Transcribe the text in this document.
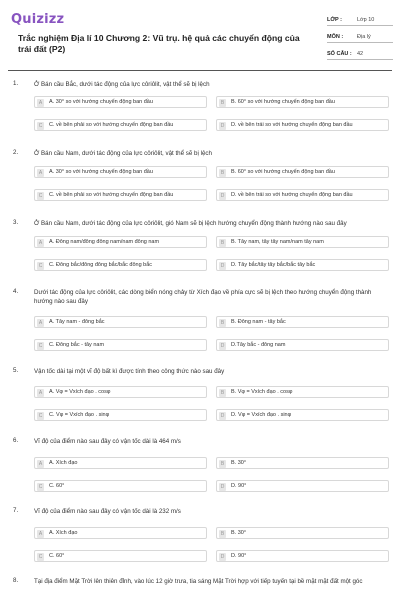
Quizizz
Trắc nghiệm Địa lí 10 Chương 2: Vũ trụ. hệ quả các chuyển động của trái đất (P2)
LỚP :	Lớp 10
MÔN :	Địa lý
SỐ CÂU : 42
1.	Ở Bán cầu Bắc, dưới tác động của lực côriôlit, vật thể sẽ bị lệch
A	A. 30° so với hướng chuyển động ban đầu	B	B. 60° so với hướng chuyển động ban đầu
C	C. về bên phải so với hướng chuyển động ban đầu	D	D. về bên trái so với hướng chuyển động ban đầu
2.	Ở Bán cầu Nam, dưới tác động của lực côriôlit, vật thể sẽ bị lệch
A	A. 30° so với hướng chuyển động ban đầu	B	B. 60° so với hướng chuyển động ban đầu
C	C. về bên phải so với hướng chuyển động ban đầu	D	D. về bên trái so với hướng chuyển động ban đầu
3.	Ở Bán cầu Nam, dưới tác động của lực côriôlit, gió Nam sẽ bị lệch hướng chuyển động thành hướng nào sau đây
A	A. Đông nam/đông đông nam/nam đông nam	B	B. Tây nam, tây tây nam/nam tây nam
C	C. Đông bắc/đông đông bắc/bắc đông bắc	D	D. Tây bắc/tây tây bắc/bắc tây bắc
4.	Dưới tác động của lực côriôlit, các dòng biển nóng chảy từ Xích đạo về phía cực sẽ bị lệch theo hướng chuyển động thành hướng nào sau đây
A	A. Tây nam - đông bắc	B	B. Đông nam - tây bắc
C	C. Đông bắc - tây nam	D	D.Tây bắc - đông nam
5.	Vận tốc dài tại một vĩ độ bất kì được tính theo công thức nào sau đây
A	A. Vφ = Vxích đạo . cosφ	B	B. Vφ = Vxích đạo . cosφ
C	C. Vφ = Vxích đạo . sinφ	D	D. Vφ = Vxích đạo . sinφ
6.	Vĩ độ của điểm nào sau đây có vận tốc dài là 464 m/s
A	A. Xích đạo	B	B. 30°
C	C. 60°	D	D. 90°
7.	Vĩ độ của điểm nào sau đây có vận tốc dài là 232 m/s
A	A. Xích đạo	B	B. 30°
C	C. 60°	D	D. 90°
8.	Tại địa điểm Mặt Trời lên thiên đỉnh, vào lúc 12 giờ trưa, tia sáng Mặt Trời hợp với tiếp tuyến tại bề mặt mặt đất một góc
